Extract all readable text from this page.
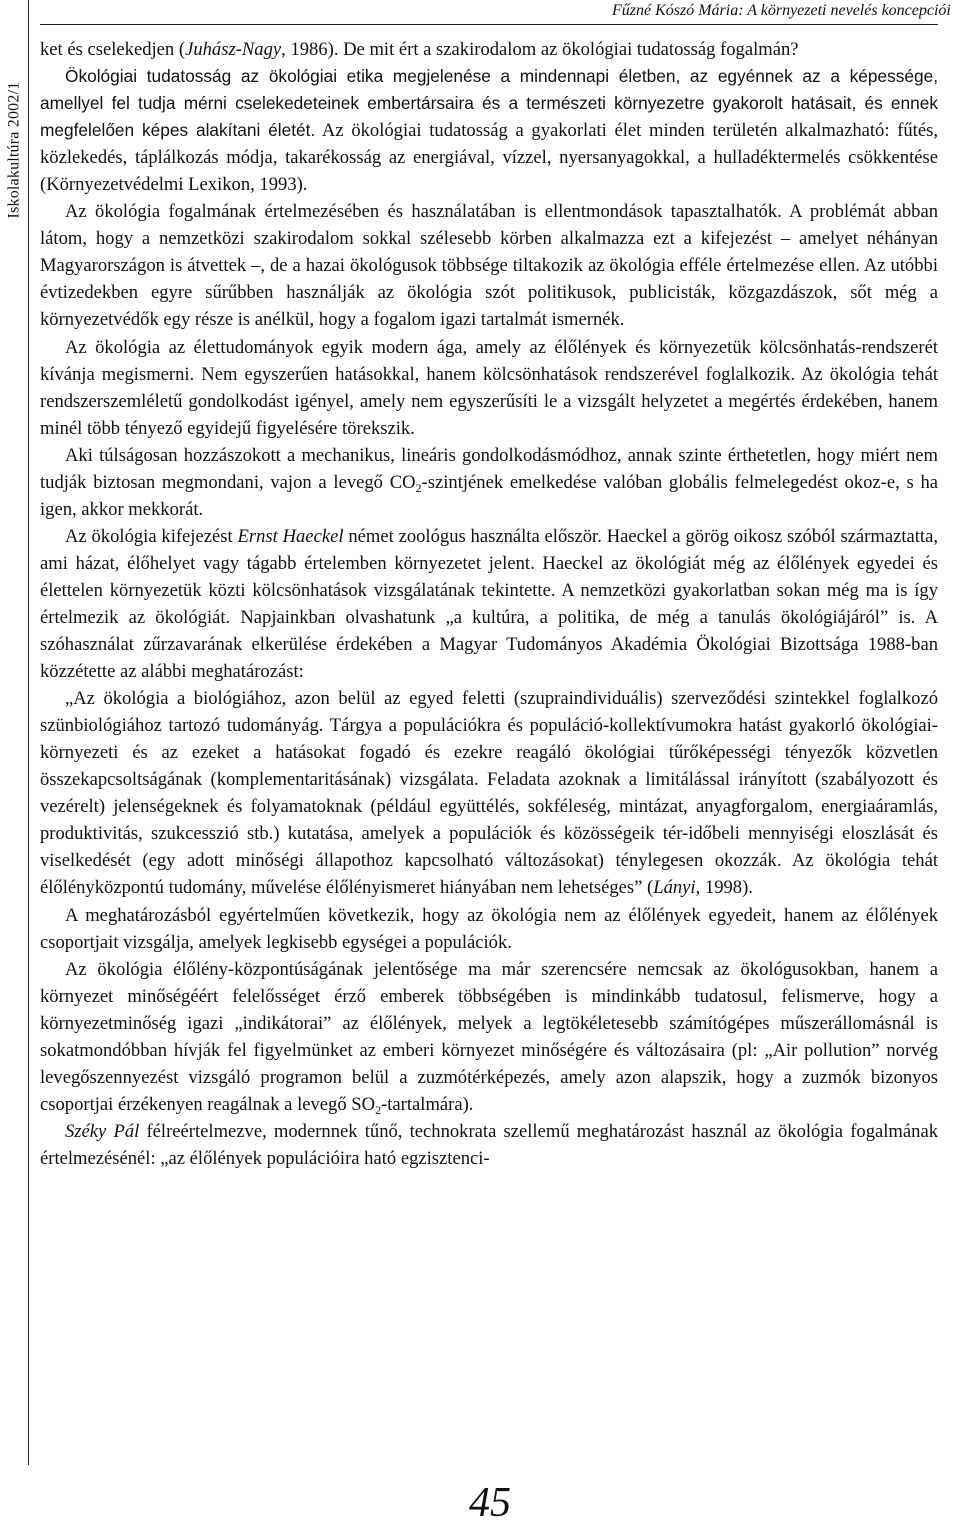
Fűzné Kószó Mária: A környezeti nevelés koncepciói
Iskolakultúra 2002/1

ket és cselekedjen (Juhász-Nagy, 1986). De mit ért a szakirodalom az ökológiai tudatosság fogalmán?

Ökológiai tudatosság az ökológiai etika megjelenése a mindennapi életben, az egyénnek az a képessége, amellyel fel tudja mérni cselekedeteinek embertársaira és a természeti környezetre gyakorolt hatásait, és ennek megfelelően képes alakítani életét. Az ökológiai tudatosság a gyakorlati élet minden területén alkalmazható: fűtés, közlekedés, táplálkozás módja, takarékosság az energiával, vízzel, nyersanyagokkal, a hulladéktermelés csökkentése (Környezetvédelmi Lexikon, 1993).

Az ökológia fogalmának értelmezésében és használatában is ellentmondások tapasztalhatók. A problémát abban látom, hogy a nemzetközi szakirodalom sokkal szélesebb körben alkalmazza ezt a kifejezést – amelyet néhányan Magyarországon is átvettek –, de a hazai ökológusok többsége tiltakozik az ökológia efféle értelmezése ellen. Az utóbbi évtizedekben egyre sűrűbben használják az ökológia szót politikusok, publicisták, közgazdászok, sőt még a környezetvédők egy része is anélkül, hogy a fogalom igazi tartalmát ismernék.

Az ökológia az élettudományok egyik modern ága, amely az élőlények és környezetük kölcsönhatás-rendszerét kívánja megismerni. Nem egyszerűen hatásokkal, hanem kölcsönhatások rendszerével foglalkozik. Az ökológia tehát rendszerszemléletű gondolkodást igényel, amely nem egyszerűsíti le a vizsgált helyzetet a megértés érdekében, hanem minél több tényező egyidejű figyelésére törekszik.

Aki túlságosan hozzászokott a mechanikus, lineáris gondolkodásmódhoz, annak szinte érthetetlen, hogy miért nem tudják biztosan megmondani, vajon a levegő $CO_2$-szintjének emelkedése valóban globális felmelegedést okoz-e, s ha igen, akkor mekkorát.

Az ökológia kifejezést Ernst Haeckel német zoológus használta először. Haeckel a görög oikosz szóból származtatta, ami házat, élőhelyet vagy tágabb értelemben környezetet jelent. Haeckel az ökológiát még az élőlények egyedei és élettelen környezetük közti kölcsönhatások vizsgálatának tekintette. A nemzetközi gyakorlatban sokan még ma is így értelmezik az ökológiát. Napjainkban olvashatunk „a kultúra, a politika, de még a tanulás ökológiájáról” is. A szóhasználat zűrzavarának elkerülése érdekében a Magyar Tudományos Akadémia Ökológiai Bizottsága 1988-ban közzétette az alábbi meghatározást:

„Az ökológia a biológiához, azon belül az egyed feletti (szupraindividuális) szerveződési szintekkel foglalkozó szünbiológiához tartozó tudományág. Tárgya a populációkra és populáció-kollektívumokra hatást gyakorló ökológiai-környezeti és az ezeket a hatásokat fogadó és ezekre reagáló ökológiai tűrőképességi tényezők közvetlen összekapcsoltságának (komplementaritásának) vizsgálata. Feladata azoknak a limitálással irányított (szabályozott és vezérelt) jelenségeknek és folyamatoknak (például együttélés, sokféleség, mintázat, anyagforgalom, energiaáramlás, produktivitás, szukcesszió stb.) kutatása, amelyek a populációk és közösségeik tér-időbeli mennyiségi eloszlását és viselkedését (egy adott minőségi állapothoz kapcsolható változásokat) ténylegesen okozzák. Az ökológia tehát élőlényközpontú tudomány, művelése élőlényismeret hiányában nem lehetséges” (Lányi, 1998).

A meghatározásból egyértelműen következik, hogy az ökológia nem az élőlények egyedeit, hanem az élőlények csoportjait vizsgálja, amelyek legkisebb egységei a populációk.

Az ökológia élőlény-központúságának jelentősége ma már szerencsére nemcsak az ökológusokban, hanem a környezet minőségéért felelősséget érző emberek többségében is mindinkább tudatosul, felismerve, hogy a környezetminőség igazi „indikátorai” az élőlények, melyek a legtökéletesebb számítógépes műszerállomásnál is sokatmondóbban hívják fel figyelmünket az emberi környezet minőségére és változásaira (pl: „Air pollution” norvég levegőszennyezést vizsgáló programon belül a zuzmótérképezés, amely azon alapszik, hogy a zuzmók bizonyos csoportjai érzékenyen reagálnak a levegő $SO_2-tartalmára$).

Széky Pál félreértelmezve, modernnek tűnő, technokrata szellemű meghatározást használ az ökológia fogalmának értelmezésénél: „az élőlények populációira ható egzisztenci-

45
